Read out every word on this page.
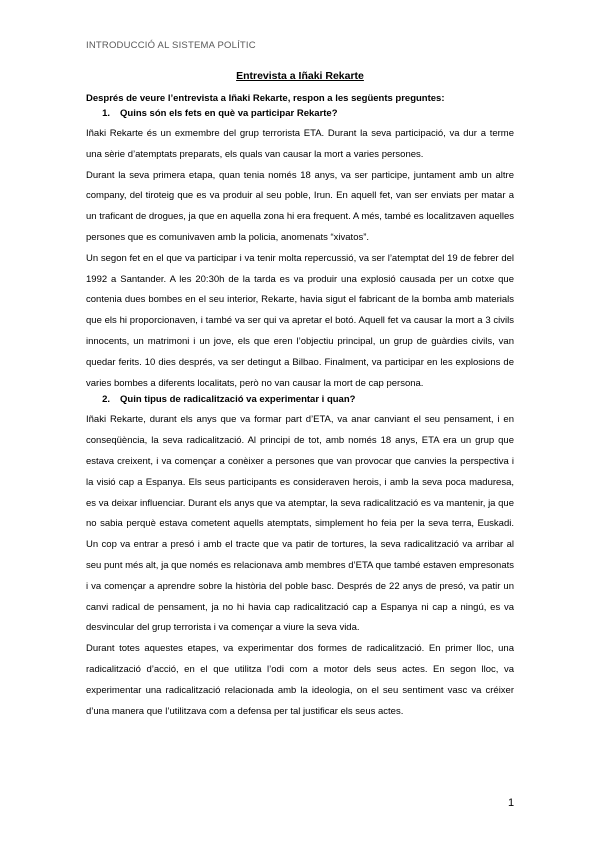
INTRODUCCIÓ AL SISTEMA POLÍTIC
Entrevista a Iñaki Rekarte
Després de veure l’entrevista a Iñaki Rekarte, respon a les següents preguntes:
1.	Quins són els fets en què va participar Rekarte?

Iñaki Rekarte és un exmembre del grup terrorista ETA. Durant la seva participació, va dur a terme una sèrie d’atemptats preparats, els quals van causar la mort a varies persones.

Durant la seva primera etapa, quan tenia només 18 anys, va ser participe, juntament amb un altre company, del tiroteig que es va produir al seu poble, Irun. En aquell fet, van ser enviats per matar a un traficant de drogues, ja que en aquella zona hi era frequent. A més, també es localitzaven aquelles persones que es comunivaven amb la policia, anomenats “xivatos”.

Un segon fet en el que va participar i va tenir molta repercussió, va ser l’atemptat del 19 de febrer del 1992 a Santander. A les 20:30h de la tarda es va produir una explosió causada per un cotxe que contenia dues bombes en el seu interior, Rekarte, havia sigut el fabricant de la bomba amb materials que els hi proporcionaven, i també va ser qui va apretar el botó. Aquell fet va causar la mort a 3 civils innocents, un matrimoni i un jove, els que eren l’objectiu principal, un grup de guàrdies civils, van quedar ferits. 10 dies després, va ser detingut a Bilbao. Finalment, va participar en les explosions de varies bombes a diferents localitats, però no van causar la mort de cap persona.

2.	Quin tipus de radicalització va experimentar i quan?

Iñaki Rekarte, durant els anys que va formar part d’ETA, va anar canviant el seu pensament, i en conseqüència, la seva radicalització. Al principi de tot, amb només 18 anys, ETA era un grup que estava creixent, i va començar a conèixer a persones que van provocar que canvies la perspectiva i la visió cap a Espanya. Els seus participants es consideraven herois, i amb la seva poca maduresa, es va deixar influenciar. Durant els anys que va atemptar, la seva radicalització es va mantenir, ja que no sabia perquè estava cometent aquells atemptats, simplement ho feia per la seva terra, Euskadi. Un cop va entrar a presó i amb el tracte que va patir de tortures, la seva radicalització va arribar al seu punt més alt, ja que només es relacionava amb membres d’ETA que també estaven empresonats i va començar a aprendre sobre la història del poble basc. Després de 22 anys de presó, va patir un canvi radical de pensament, ja no hi havia cap radicalització cap a Espanya ni cap a ningú, es va desvincular del grup terrorista i va començar a viure la seva vida.

Durant totes aquestes etapes, va experimentar dos formes de radicalització. En primer lloc, una radicalització d’acció, en el que utilitza l’odi com a motor dels seus actes. En segon lloc, va experimentar una radicalització relacionada amb la ideologia, on el seu sentiment vasc va créixer d’una manera que l’utilitzava com a defensa per tal justificar els seus actes.

1
